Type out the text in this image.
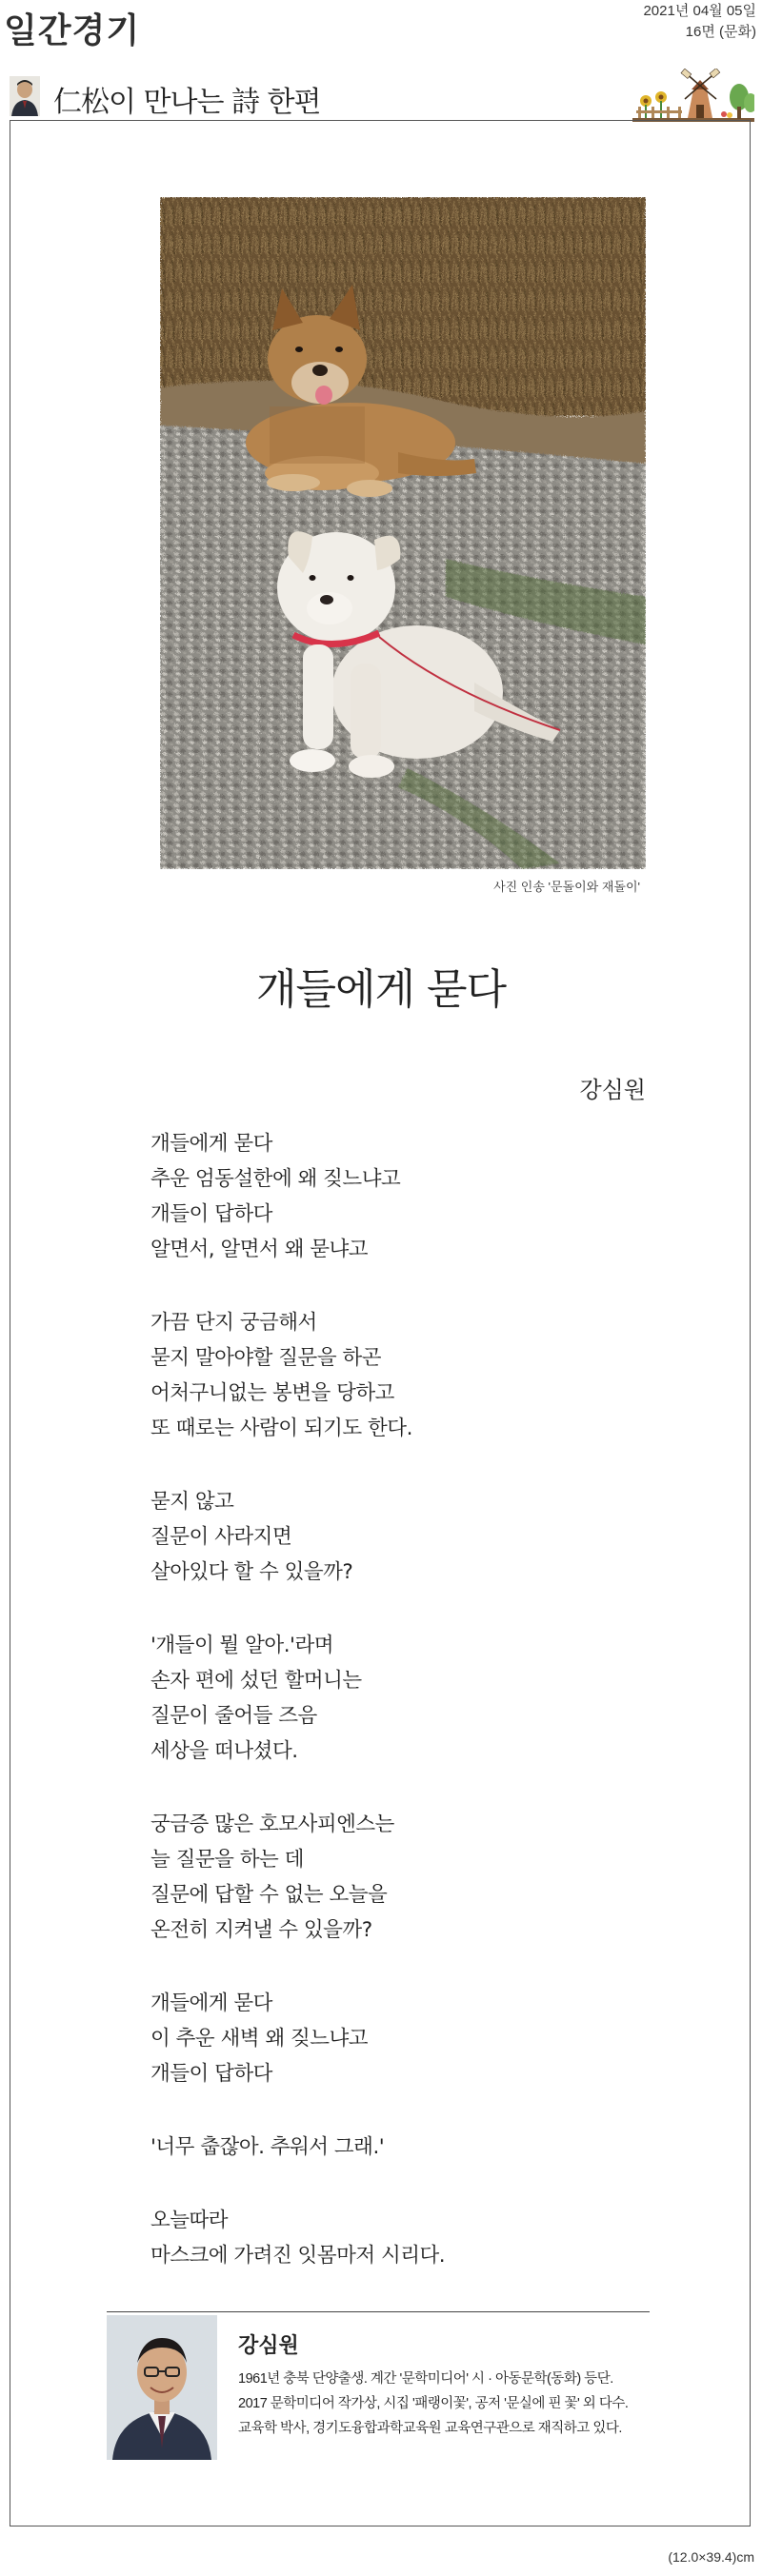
일간경기
2021년 04월 05일
16면 (문화)
仁松이 만나는 詩 한편
사진 인송 '문돌이와 재돌이'
개들에게 묻다
강심원
개들에게 묻다
추운 엄동설한에 왜 짖느냐고
개들이 답하다
알면서, 알면서 왜 묻냐고
가끔 단지 궁금해서
묻지 말아야할 질문을 하곤
어처구니없는 봉변을 당하고
또 때로는 사람이 되기도 한다.
묻지 않고
질문이 사라지면
살아있다 할 수 있을까?
'개들이 뭘 알아.'라며
손자 편에 섰던 할머니는
질문이 줄어들 즈음
세상을 떠나셨다.
궁금증 많은 호모사피엔스는
늘 질문을 하는 데
질문에 답할 수 없는 오늘을
온전히 지켜낼 수 있을까?
개들에게 묻다
이 추운 새벽 왜 짖느냐고
개들이 답하다
'너무 춥잖아. 추워서 그래.'
오늘따라
마스크에 가려진 잇몸마저 시리다.
강심원
1961년 충북 단양출생. 계간 '문학미디어' 시 · 아동문학(동화) 등단.
2017 문학미디어 작가상, 시집 '패랭이꽃', 공저 '문실에 핀 꽃' 외 다수.
교육학 박사, 경기도융합과학교육원 교육연구관으로 재직하고 있다.
(12.0×39.4)cm
